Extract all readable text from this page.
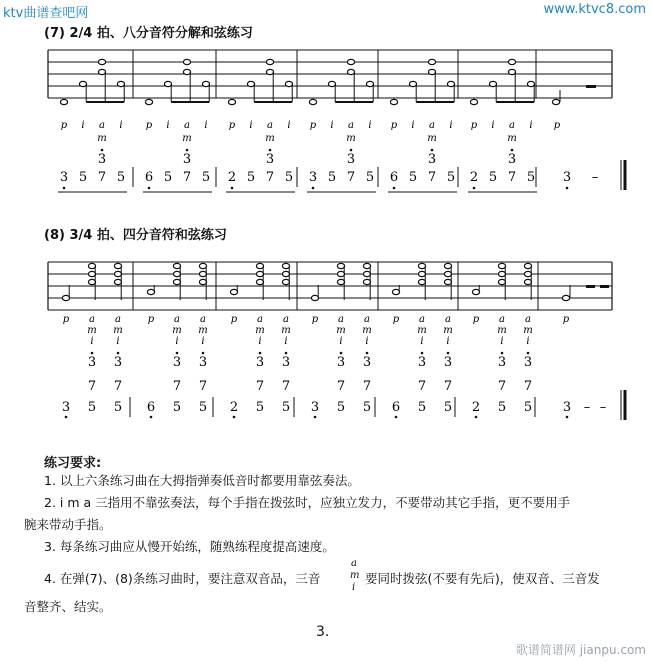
ktv曲谱查吧网	www.ktvc8.com
(7) 2/4 拍、八分音符分解和弦练习
(8) 3/4 拍、四分音符和弦练习
p i a i
m
3 5 7
3
5
p i a i
m
6 5 7
3
5
p i a i
m
2 5 7
3
5
p i a i
m
3 5 7
3
5
p i a i
m
6 5 7
3
5
p i a i
m
2 5 7
3
5
p
3 –
p a
m
i
a
m
i
3
3
7
5
3
7
5
p a
m
i
a
m
i
6
3
7
5
3
7
5
p a
m
i
a
m
i
2
3
7
5
3
7
5
p a
m
i
a
m
i
3
3
7
5
3
7
5
p a
m
i
a
m
i
6
3
7
5
3
7
5
p a
m
i
a
m
i
2
3
7
5
3
7
5
p
3 – –
练习要求:
1. 以上六条练习曲在大拇指弹奏低音时都要用靠弦奏法。
2. i m a 三指用不靠弦奏法，每个手指在拨弦时，应独立发力，不要带动其它手指，更不要用手
腕来带动手指。
3. 每条练习曲应从慢开始练，随熟练程度提高速度。
4. 在弹(7)、(8)条练习曲时，要注意双音品，三音
a
m
i
要同时拨弦(不要有先后)，使双音、三音发
音整齐、结实。
3.
歌谱简谱网 jianpu.com
